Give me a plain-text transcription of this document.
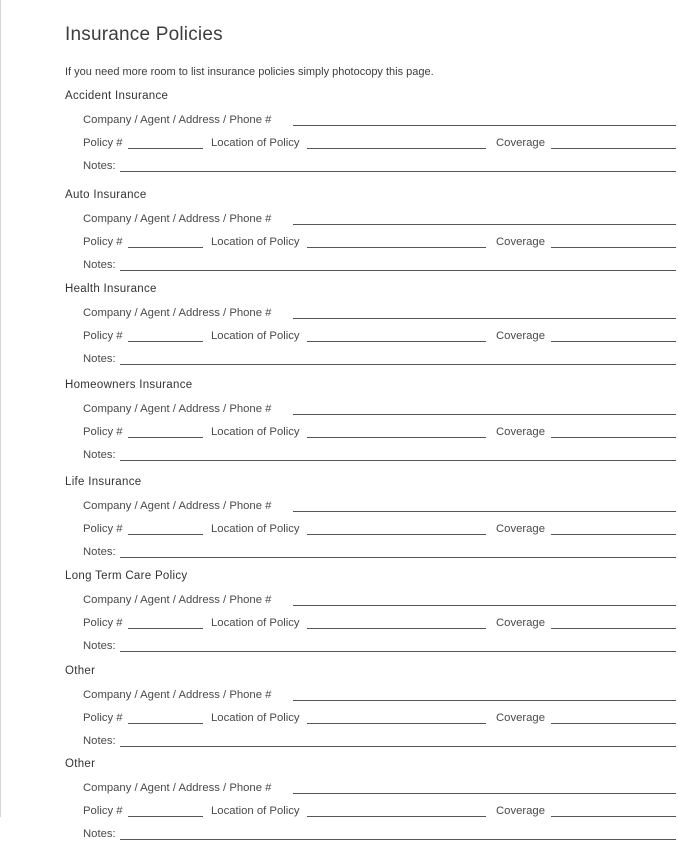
Insurance Policies
If you need more room to list insurance policies simply photocopy this page.
Accident Insurance
Company / Agent / Address / Phone #
Policy #	Location of Policy	Coverage
Notes:
Auto Insurance
Company / Agent / Address / Phone #
Policy #	Location of Policy	Coverage
Notes:
Health Insurance
Company / Agent / Address / Phone #
Policy #	Location of Policy	Coverage
Notes:
Homeowners Insurance
Company / Agent / Address / Phone #
Policy #	Location of Policy	Coverage
Notes:
Life Insurance
Company / Agent / Address / Phone #
Policy #	Location of Policy	Coverage
Notes:
Long Term Care Policy
Company / Agent / Address / Phone #
Policy #	Location of Policy	Coverage
Notes:
Other
Company / Agent / Address / Phone #
Policy #	Location of Policy	Coverage
Notes:
Other
Company / Agent / Address / Phone #
Policy #	Location of Policy	Coverage
Notes:
